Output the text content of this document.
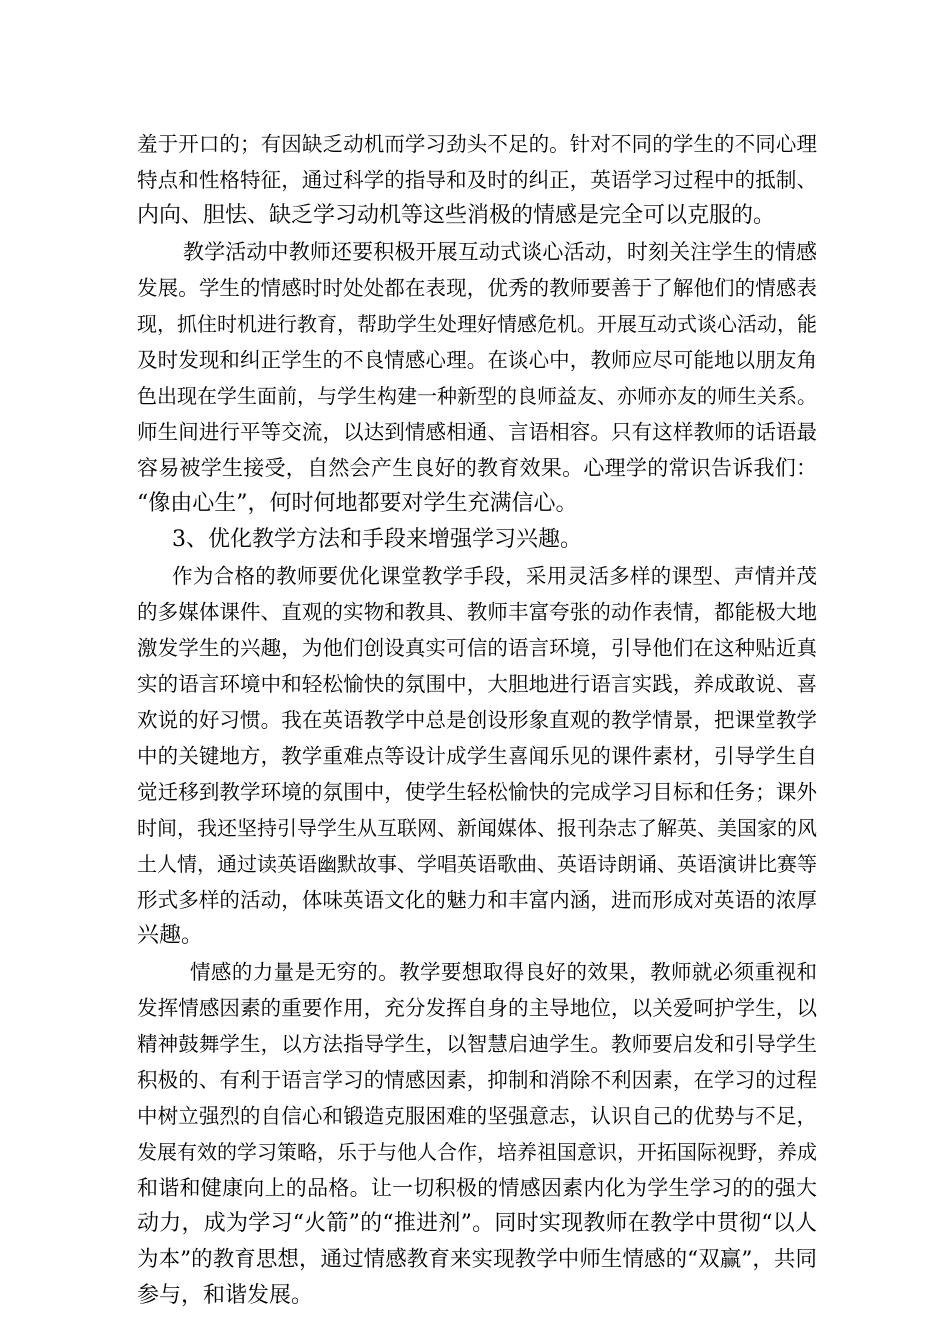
羞于开口的；有因缺乏动机而学习劲头不足的。针对不同的学生的不同心理
特点和性格特征，通过科学的指导和及时的纠正，英语学习过程中的抵制、
内向、胆怯、缺乏学习动机等这些消极的情感是完全可以克服的。
教学活动中教师还要积极开展互动式谈心活动，时刻关注学生的情感
发展。学生的情感时时处处都在表现，优秀的教师要善于了解他们的情感表
现，抓住时机进行教育，帮助学生处理好情感危机。开展互动式谈心活动，能
及时发现和纠正学生的不良情感心理。在谈心中，教师应尽可能地以朋友角
色出现在学生面前，与学生构建一种新型的良师益友、亦师亦友的师生关系。
师生间进行平等交流，以达到情感相通、言语相容。只有这样教师的话语最
容易被学生接受，自然会产生良好的教育效果。心理学的常识告诉我们：
“像由心生”，何时何地都要对学生充满信心。
3、优化教学方法和手段来增强学习兴趣。
作为合格的教师要优化课堂教学手段，采用灵活多样的课型、声情并茂
的多媒体课件、直观的实物和教具、教师丰富夸张的动作表情，都能极大地
激发学生的兴趣，为他们创设真实可信的语言环境，引导他们在这种贴近真
实的语言环境中和轻松愉快的氛围中，大胆地进行语言实践，养成敢说、喜
欢说的好习惯。我在英语教学中总是创设形象直观的教学情景，把课堂教学
中的关键地方，教学重难点等设计成学生喜闻乐见的课件素材，引导学生自
觉迁移到教学环境的氛围中，使学生轻松愉快的完成学习目标和任务；课外
时间，我还坚持引导学生从互联网、新闻媒体、报刊杂志了解英、美国家的风
土人情，通过读英语幽默故事、学唱英语歌曲、英语诗朗诵、英语演讲比赛等
形式多样的活动，体味英语文化的魅力和丰富内涵，进而形成对英语的浓厚
兴趣。
情感的力量是无穷的。教学要想取得良好的效果，教师就必须重视和
发挥情感因素的重要作用，充分发挥自身的主导地位，以关爱呵护学生，以
精神鼓舞学生，以方法指导学生，以智慧启迪学生。教师要启发和引导学生
积极的、有利于语言学习的情感因素，抑制和消除不利因素，在学习的过程
中树立强烈的自信心和锻造克服困难的坚强意志，认识自己的优势与不足，
发展有效的学习策略，乐于与他人合作，培养祖国意识，开拓国际视野，养成
和谐和健康向上的品格。让一切积极的情感因素内化为学生学习的的强大
动力，成为学习“火箭”的“推进剂”。同时实现教师在教学中贯彻“以人
为本”的教育思想，通过情感教育来实现教学中师生情感的“双赢”，共同
参与，和谐发展。
